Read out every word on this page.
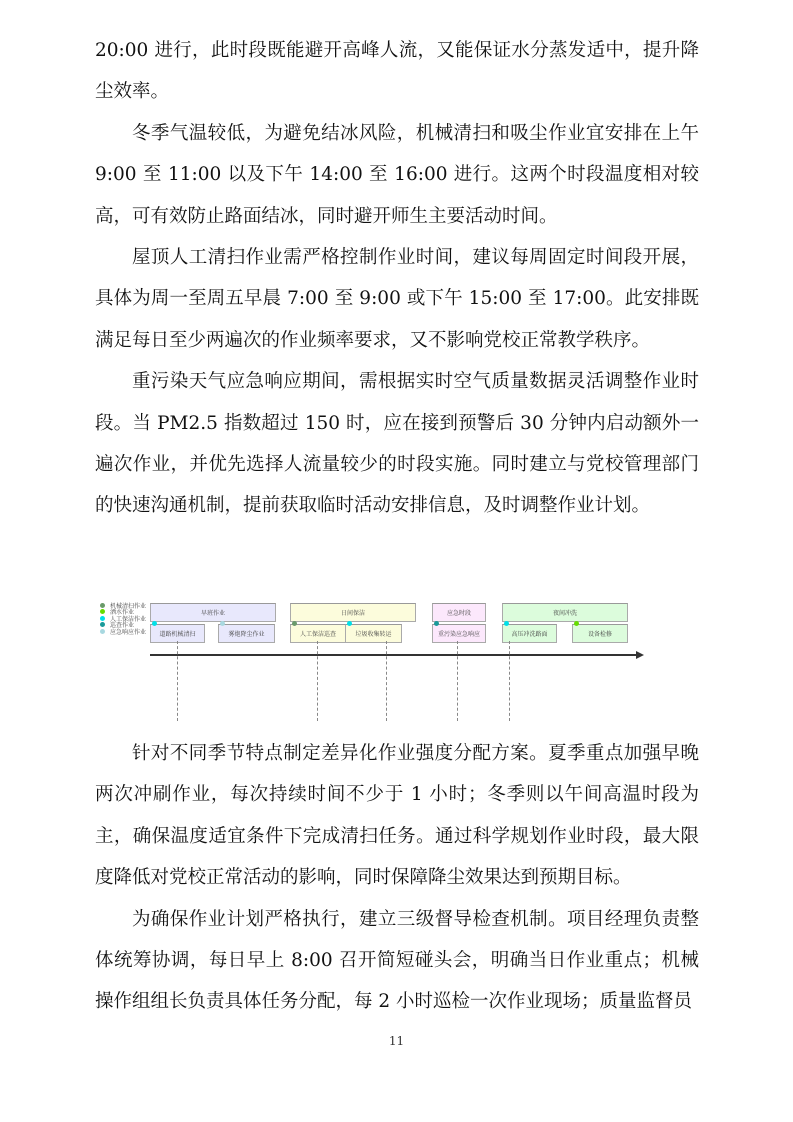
20:00 进行，此时段既能避开高峰人流，又能保证水分蒸发适中，提升降尘效率。

冬季气温较低，为避免结冰风险，机械清扫和吸尘作业宜安排在上午 9:00 至 11:00 以及下午 14:00 至 16:00 进行。这两个时段温度相对较高，可有效防止路面结冰，同时避开师生主要活动时间。

屋顶人工清扫作业需严格控制作业时间，建议每周固定时间段开展，具体为周一至周五早晨 7:00 至 9:00 或下午 15:00 至 17:00。此安排既满足每日至少两遍次的作业频率要求，又不影响党校正常教学秩序。

重污染天气应急响应期间，需根据实时空气质量数据灵活调整作业时段。当 PM2.5 指数超过 150 时，应在接到预警后 30 分钟内启动额外一遍次作业，并优先选择人流量较少的时段实施。同时建立与党校管理部门的快速沟通机制，提前获取临时活动安排信息，及时调整作业计划。

机械清扫作业
洒水作业
人工保洁作业
巡查作业
应急响应作业
早班作业	日间保洁	应急时段	夜间冲洗
道路机械清扫	雾炮降尘作业	人工保洁巡查	垃圾收集转运	重污染应急响应	高压冲洗路面	设备检修

针对不同季节特点制定差异化作业强度分配方案。夏季重点加强早晚两次冲刷作业，每次持续时间不少于 1 小时；冬季则以午间高温时段为主，确保温度适宜条件下完成清扫任务。通过科学规划作业时段，最大限度降低对党校正常活动的影响，同时保障降尘效果达到预期目标。

为确保作业计划严格执行，建立三级督导检查机制。项目经理负责整体统筹协调，每日早上 8:00 召开简短碰头会，明确当日作业重点；机械操作组组长负责具体任务分配，每 2 小时巡检一次作业现场；质量监督员

11
